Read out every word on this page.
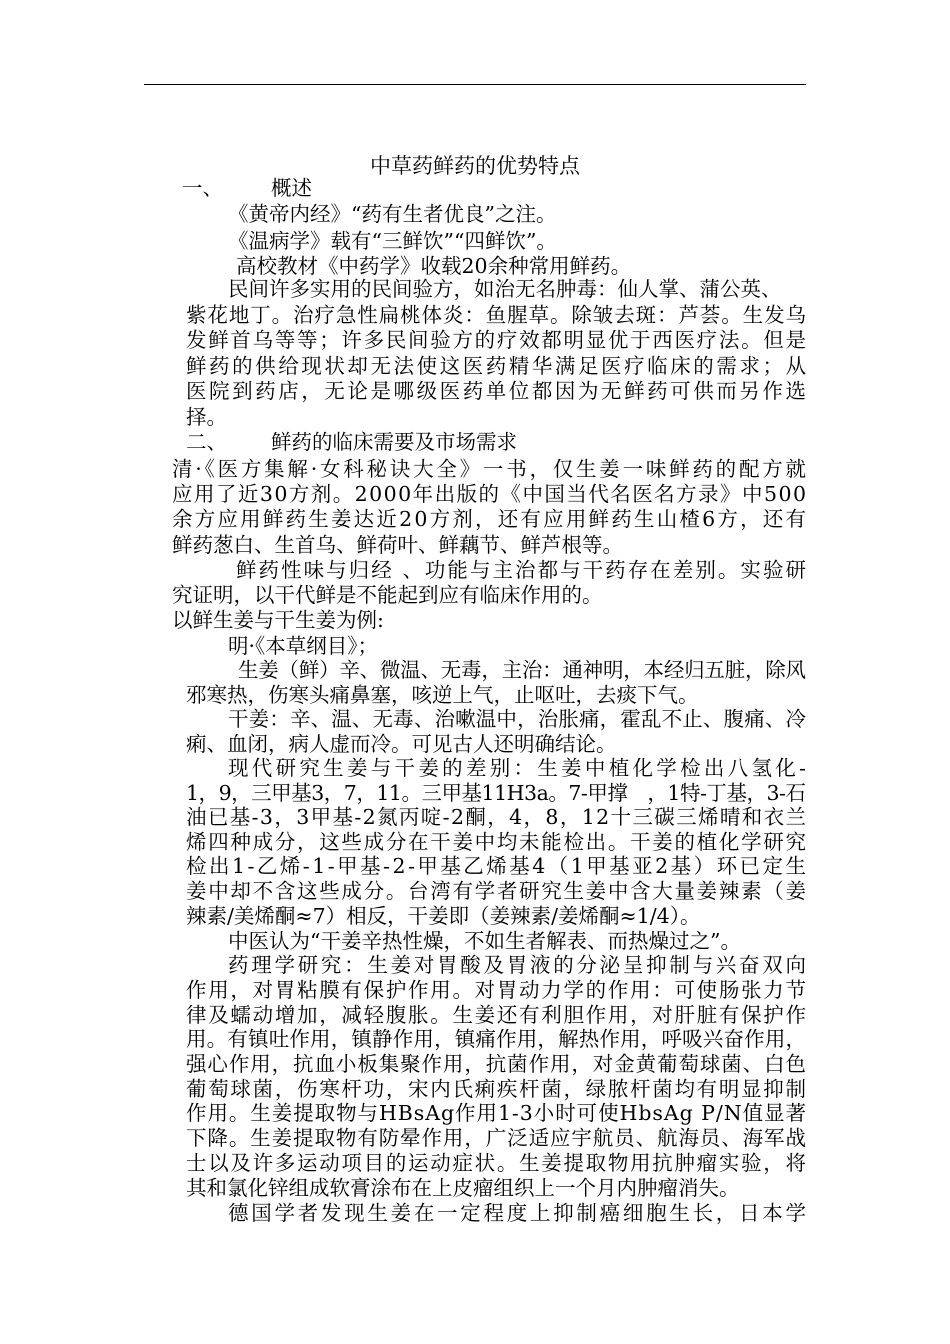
中草药鲜药的优势特点
一、 概述
《黄帝内经》“药有生者优良”之注。
《温病学》载有“三鲜饮”“四鲜饮”。
高校教材《中药学》收载20余种常用鲜药。
民间许多实用的民间验方，如治无名肿毒：仙人掌、蒲公英、
紫花地丁。治疗急性扁桃体炎：鱼腥草。除皱去斑：芦荟。生发乌
发鲜首乌等等；许多民间验方的疗效都明显优于西医疗法。但是
鲜药的供给现状却无法使这医药精华满足医疗临床的需求；从
医院到药店，无论是哪级医药单位都因为无鲜药可供而另作选
择。
清·《医方集解·女科秘诀大全》一书，仅生姜一味鲜药的配方就
应用了近30方剂。2000年出版的《中国当代名医名方录》中500
余方应用鲜药生姜达近20方剂，还有应用鲜药生山楂6方，还有
鲜药葱白、生首乌、鲜荷叶、鲜藕节、鲜芦根等。
鲜药性味与归经 、功能与主治都与干药存在差别。实验研
究证明，以干代鲜是不能起到应有临床作用的。
以鲜生姜与干生姜为例:
明·《本草纲目》；
生姜（鲜）辛、微温、无毒，主治：通神明，本经归五脏，除风
邪寒热，伤寒头痛鼻塞，咳逆上气，止呕吐，去痰下气。
干姜：辛、温、无毒、治嗽温中，治胀痛，霍乱不止、腹痛、冷
痢、血闭，病人虚而冷。可见古人还明确结论。
现代研究生姜与干姜的差别：生姜中植化学检出八氢化-
1，9，三甲基3，7，11。三甲基11H3a。7-甲撑　，1特-丁基，3-石
油已基-3，3甲基-2氮丙啶-2酮，4，8，12十三碳三烯晴和衣兰
烯四种成分，这些成分在干姜中均未能检出。干姜的植化学研究
检出1-乙烯-1-甲基-2-甲基乙烯基4（1甲基亚2基）环已定生
姜中却不含这些成分。台湾有学者研究生姜中含大量姜辣素（姜
辣素/美烯酮≈7）相反，干姜即（姜辣素/姜烯酮≈1/4）。
中医认为“干姜辛热性燥，不如生者解表、而热燥过之”。
药理学研究：生姜对胃酸及胃液的分泌呈抑制与兴奋双向
作用，对胃粘膜有保护作用。对胃动力学的作用：可使肠张力节
律及蠕动增加，减轻腹胀。生姜还有利胆作用，对肝脏有保护作
用。有镇吐作用，镇静作用，镇痛作用，解热作用，呼吸兴奋作用，
强心作用，抗血小板集聚作用，抗菌作用，对金黄葡萄球菌、白色
葡萄球菌，伤寒杆功，宋内氏痢疾杆菌，绿脓杆菌均有明显抑制
作用。生姜提取物与HBsAg作用1-3小时可使HbsAg P/N值显著
下降。生姜提取物有防晕作用，广泛适应宇航员、航海员、海军战
士以及许多运动项目的运动症状。生姜提取物用抗肿瘤实验，将
其和氯化锌组成软膏涂布在上皮瘤组织上一个月内肿瘤消失。
德国学者发现生姜在一定程度上抑制癌细胞生长，日本学
二、 鲜药的临床需要及市场需求
